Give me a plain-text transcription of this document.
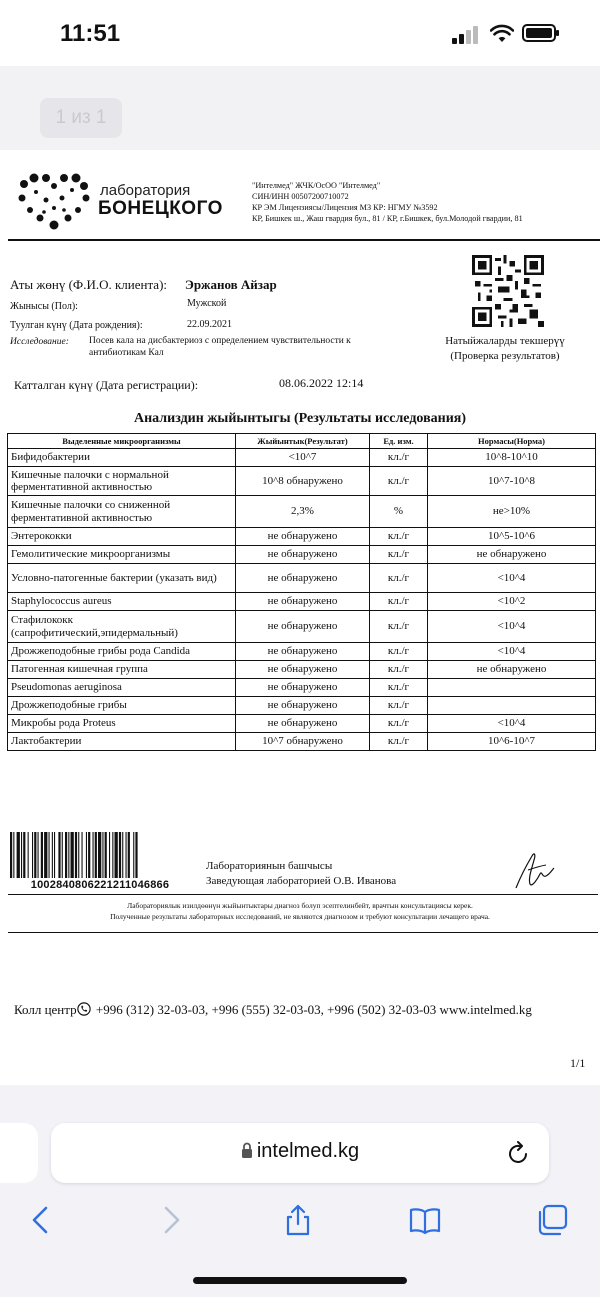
11:51
1 из 1
лаборатория
БОНЕЦКОГО
"Интелмед" ЖЧК/ОсОО "Интелмед"
СИН/ИНН 00507200710072
КР ЭМ Лицензиясы/Лицензия МЗ КР: НГМУ №3592
КР, Бишкек ш., Жаш гвардия бул., 81 / КР, г.Бишкек, бул.Молодой гвардии, 81
Аты жөнү (Ф.И.О. клиента): Эржанов Айзар
Жынысы (Пол):	Мужской
Туулган күнү (Дата рождения):	22.09.2021
Исследование: Посев кала на дисбактериоз с определением чувствительности к антибиотикам Кал
Натыйжаларды текшерүү
(Проверка результатов)
Катталган күнү (Дата регистрации):	08.06.2022 12:14
Анализдин жыйынтыгы (Результаты исследования)
Выделенные микроорганизмы	Жыйынтык(Результат)	Ед. изм.	Нормасы(Норма)
Бифидобактерии	<10^7	кл./г	10^8-10^10
Кишечные палочки с нормальной ферментативной активностью	10^8 обнаружено	кл./г	10^7-10^8
Кишечные палочки со сниженной ферментативной активностью	2,3%	%	не>10%
Энтерококки	не обнаружено	кл./г	10^5-10^6
Гемолитические микроорганизмы	не обнаружено	кл./г	не обнаружено
Условно-патогенные бактерии (указать вид)	не обнаружено	кл./г	<10^4
Staphylococcus aureus	не обнаружено	кл./г	<10^2
Стафилококк (сапрофитический,эпидермальный)	не обнаружено	кл./г	<10^4
Дрожжеподобные грибы рода Candida	не обнаружено	кл./г	<10^4
Патогенная кишечная группа	не обнаружено	кл./г	не обнаружено
Pseudomonas aeruginosa	не обнаружено	кл./г	
Дрожжеподобные грибы	не обнаружено	кл./г	
Микробы рода Proteus	не обнаружено	кл./г	<10^4
Лактобактерии	10^7 обнаружено	кл./г	10^6-10^7
1002840806221211046866
Лабораториянын башчысы
Заведующая лабораторией О.В. Иванова
Лабораториялык изилдөөнүн жыйынтыктары диагноз болуп эсептелинбейт, врачтын консультациясы керек.
Полученные результаты лабораторных исследований, не являются диагнозом и требуют консультации лечащего врача.
Колл центр +996 (312) 32-03-03, +996 (555) 32-03-03, +996 (502) 32-03-03 www.intelmed.kg
1/1
intelmed.kg
